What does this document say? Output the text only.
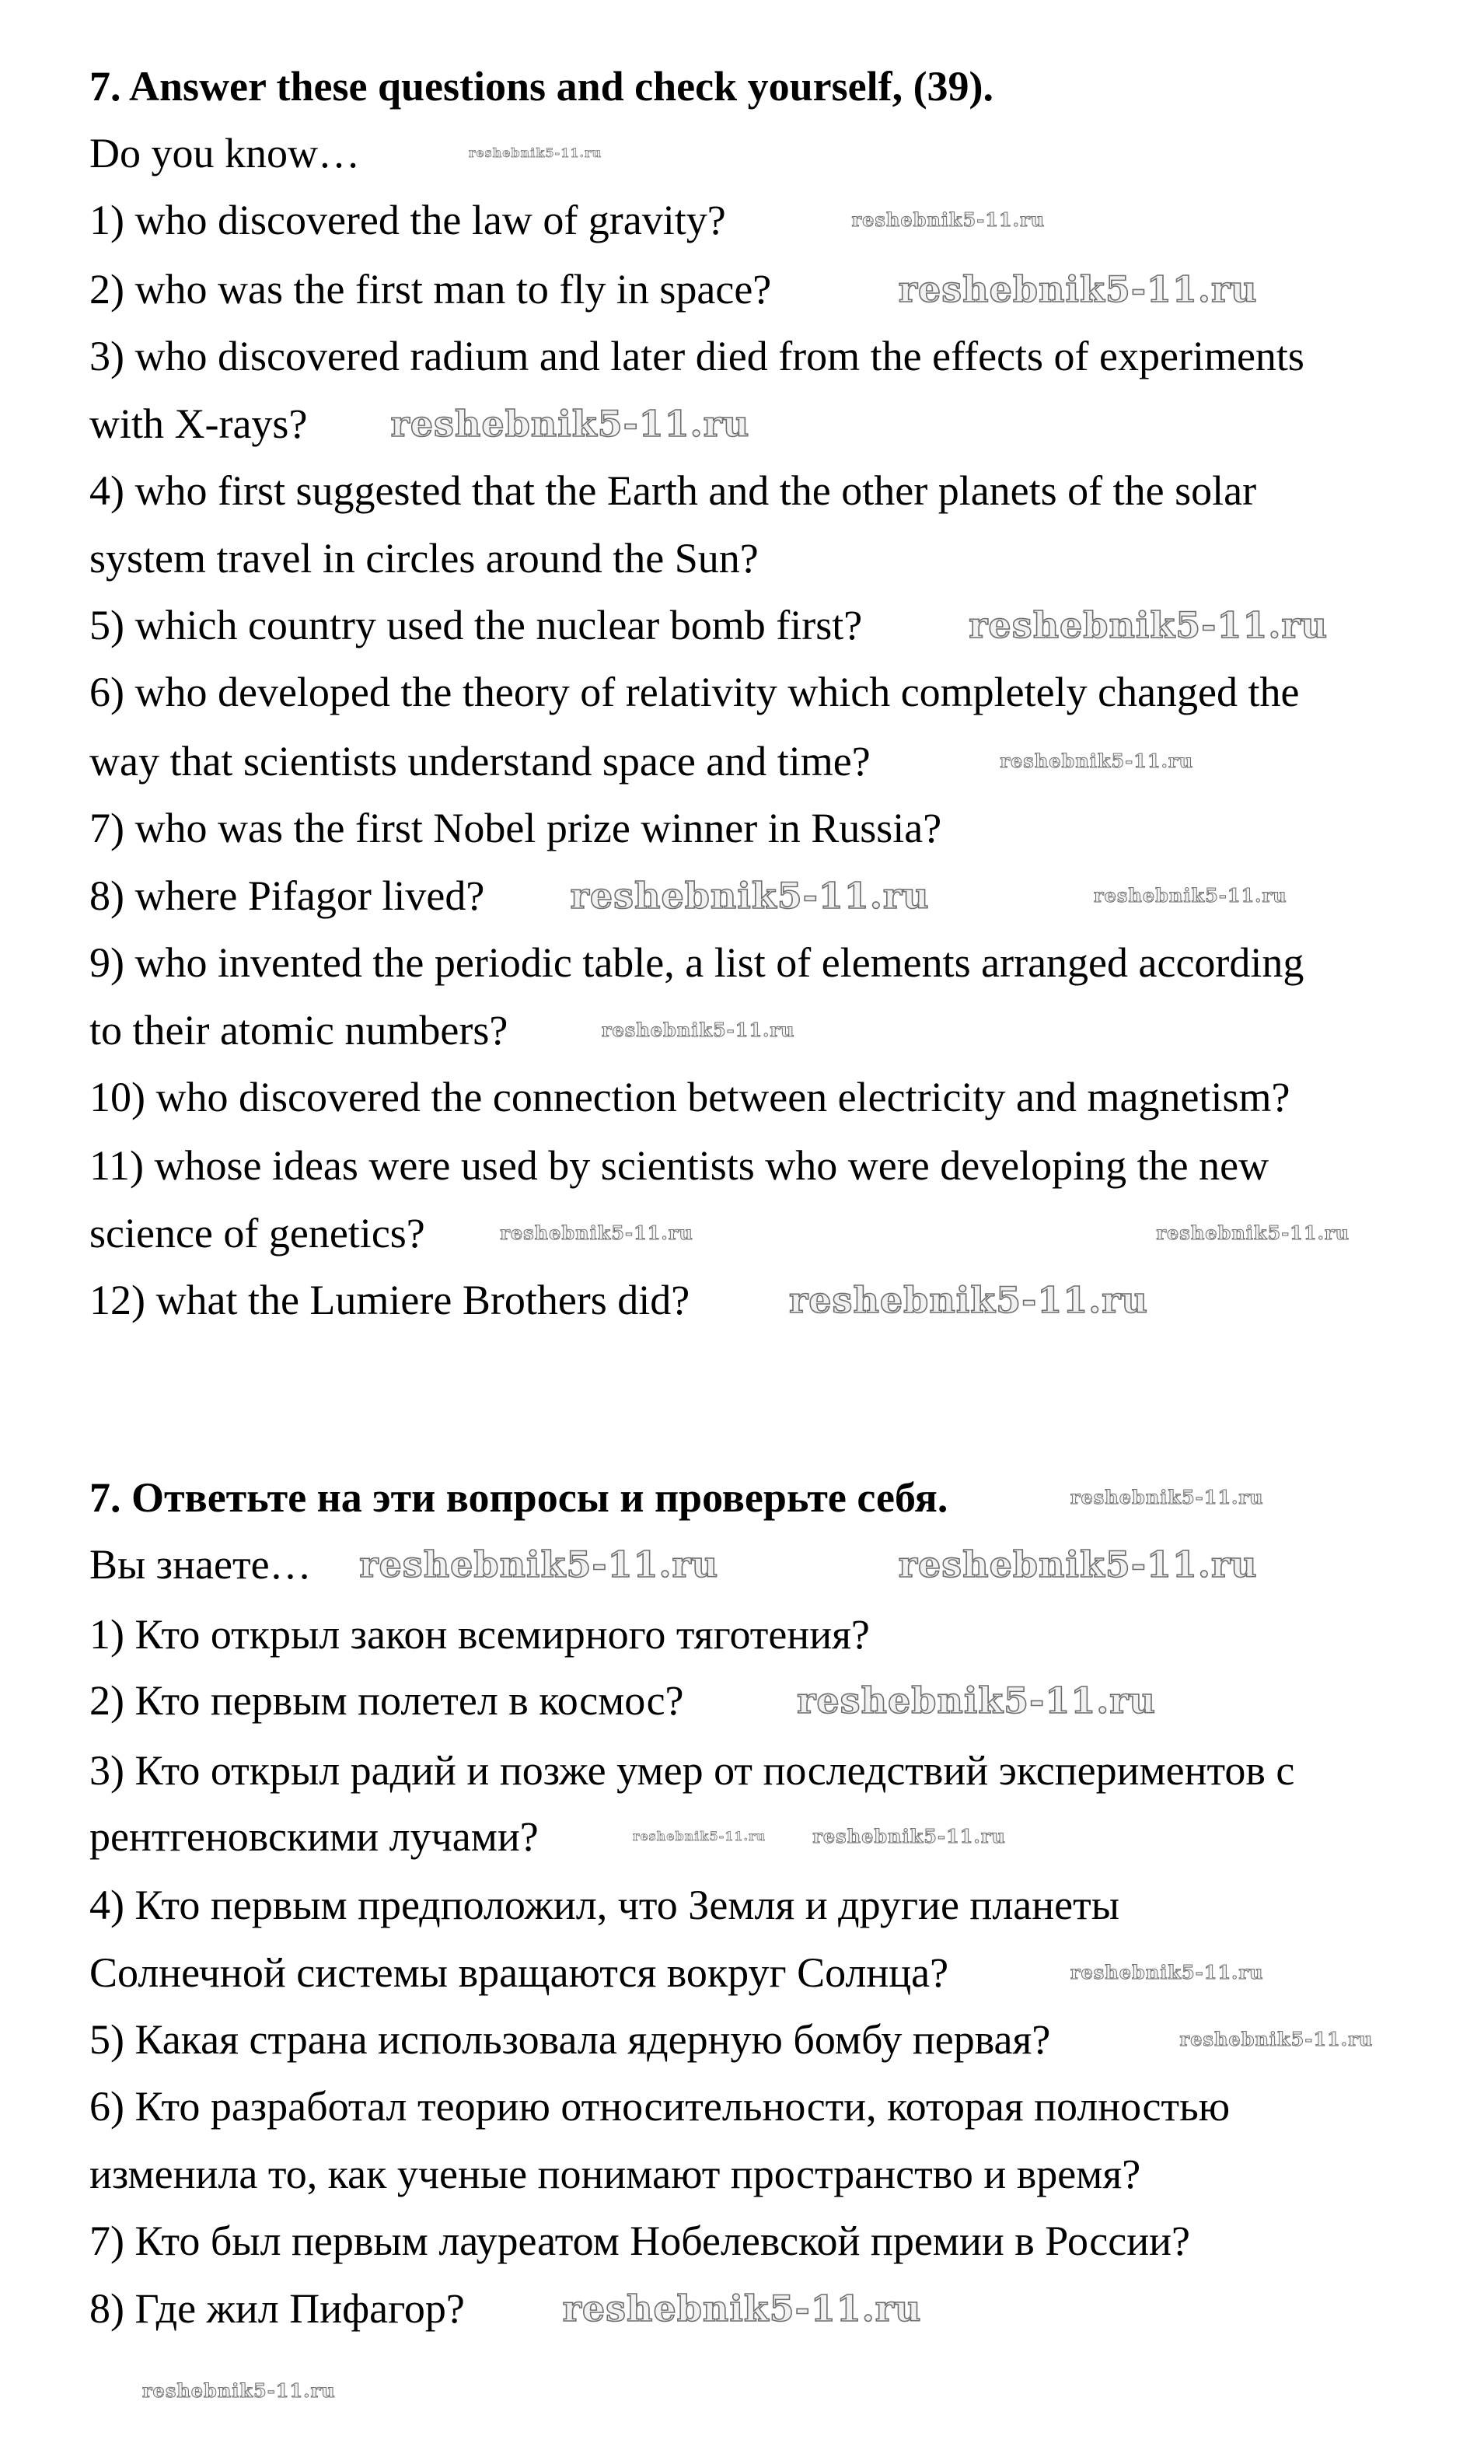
7. Answer these questions and check yourself, (39).
Do you know…
1) who discovered the law of gravity?
2) who was the first man to fly in space?
3) who discovered radium and later died from the effects of experiments
with X-rays?
4) who first suggested that the Earth and the other planets of the solar
system travel in circles around the Sun?
5) which country used the nuclear bomb first?
6) who developed the theory of relativity which completely changed the
way that scientists understand space and time?
7) who was the first Nobel prize winner in Russia?
8) where Pifagor lived?
9) who invented the periodic table, a list of elements arranged according
to their atomic numbers?
10) who discovered the connection between electricity and magnetism?
11) whose ideas were used by scientists who were developing the new
science of genetics?
12) what the Lumiere Brothers did?
7. Ответьте на эти вопросы и проверьте себя.
Вы знаете…
1) Кто открыл закон всемирного тяготения?
2) Кто первым полетел в космос?
3) Кто открыл радий и позже умер от последствий экспериментов с
рентгеновскими лучами?
4) Кто первым предположил, что Земля и другие планеты
Солнечной системы вращаются вокруг Солнца?
5) Какая страна использовала ядерную бомбу первая?
6) Кто разработал теорию относительности, которая полностью
изменила то, как ученые понимают пространство и время?
7) Кто был первым лауреатом Нобелевской премии в России?
8) Где жил Пифагор?
reshebnik5-11.ru
reshebnik5-11.ru
reshebnik5-11.ru
reshebnik5-11.ru
reshebnik5-11.ru
reshebnik5-11.ru
reshebnik5-11.ru	reshebnik5-11.ru
reshebnik5-11.ru
reshebnik5-11.ru
reshebnik5-11.ru
reshebnik5-11.ru
reshebnik5-11.ru	reshebnik5-11.ru
reshebnik5-11.ru	reshebnik5-11.ru
reshebnik5-11.ru
reshebnik5-11.ru
reshebnik5-11.ru
reshebnik5-11.ru
reshebnik5-11.ru
reshebnik5-11.ru
